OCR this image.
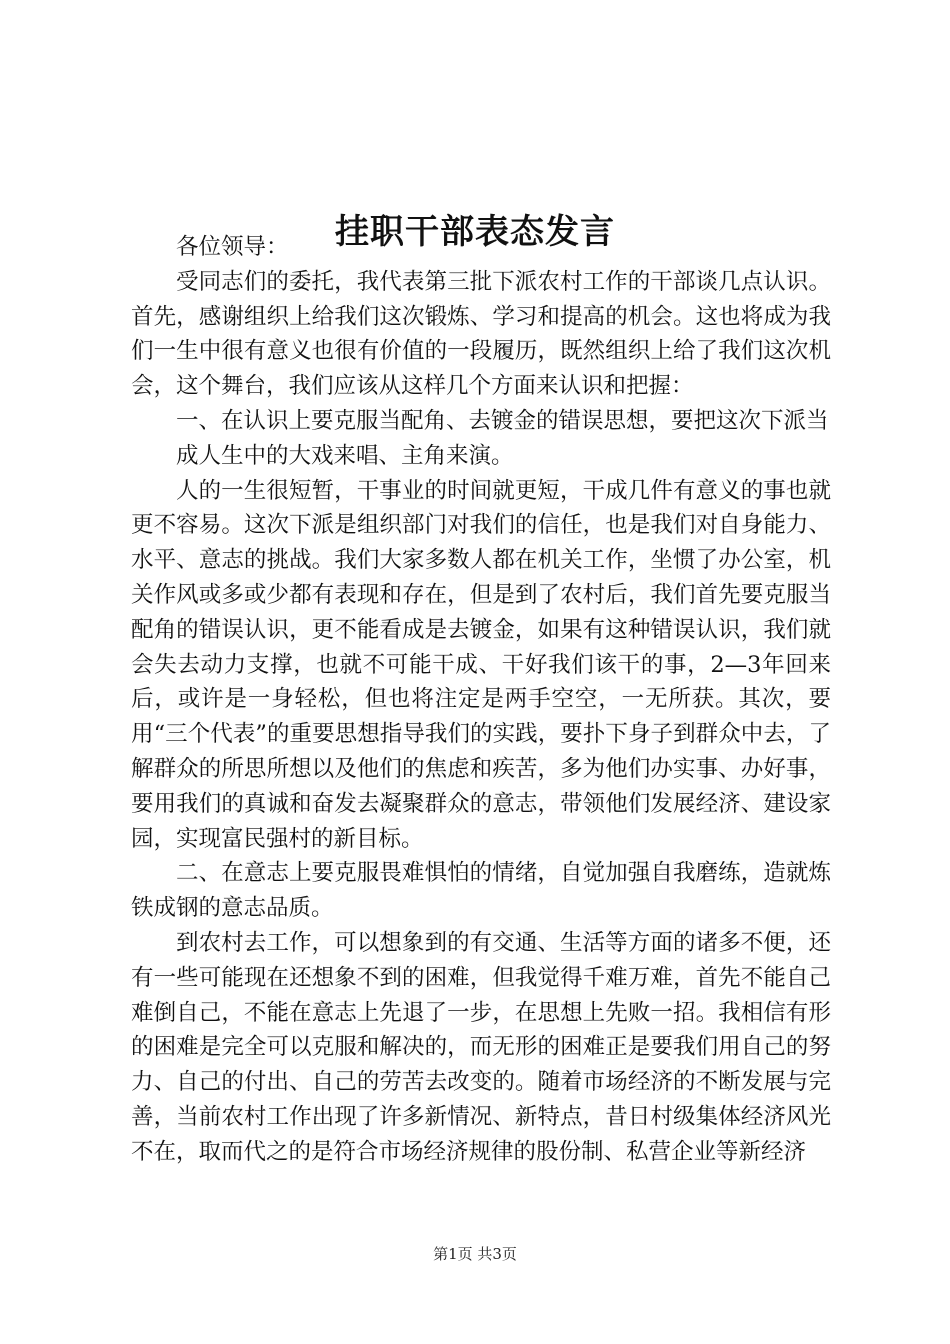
挂职干部表态发言

各位领导：

受同志们的委托，我代表第三批下派农村工作的干部谈几点认识。首先，感谢组织上给我们这次锻炼、学习和提高的机会。这也将成为我们一生中很有意义也很有价值的一段履历，既然组织上给了我们这次机会，这个舞台，我们应该从这样几个方面来认识和把握：

一、在认识上要克服当配角、去镀金的错误思想，要把这次下派当

成人生中的大戏来唱、主角来演。

人的一生很短暂，干事业的时间就更短，干成几件有意义的事也就更不容易。这次下派是组织部门对我们的信任，也是我们对自身能力、水平、意志的挑战。我们大家多数人都在机关工作，坐惯了办公室，机关作风或多或少都有表现和存在，但是到了农村后，我们首先要克服当配角的错误认识，更不能看成是去镀金，如果有这种错误认识，我们就会失去动力支撑，也就不可能干成、干好我们该干的事，2—3年回来后，或许是一身轻松，但也将注定是两手空空，一无所获。其次，要用“三个代表”的重要思想指导我们的实践，要扑下身子到群众中去，了解群众的所思所想以及他们的焦虑和疾苦，多为他们办实事、办好事，要用我们的真诚和奋发去凝聚群众的意志，带领他们发展经济、建设家园，实现富民强村的新目标。

二、在意志上要克服畏难惧怕的情绪，自觉加强自我磨练，造就炼铁成钢的意志品质。

到农村去工作，可以想象到的有交通、生活等方面的诸多不便，还有一些可能现在还想象不到的困难，但我觉得千难万难，首先不能自己难倒自己，不能在意志上先退了一步，在思想上先败一招。我相信有形的困难是完全可以克服和解决的，而无形的困难正是要我们用自己的努力、自己的付出、自己的劳苦去改变的。随着市场经济的不断发展与完善，当前农村工作出现了许多新情况、新特点，昔日村级集体经济风光不在，取而代之的是符合市场经济规律的股份制、私营企业等新经济

第1页 共3页
